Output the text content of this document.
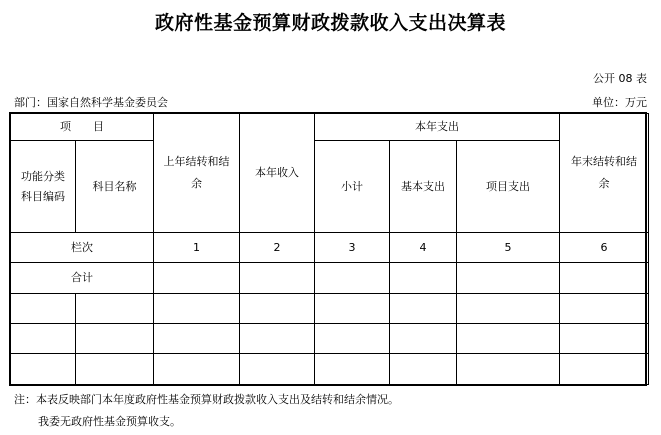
政府性基金预算财政拨款收入支出决算表
公开 08 表
部门：国家自然科学基金委员会	单位：万元
项　　目		上年结转和结余	本年收入	本年支出			年末结转和结余

功能分类科目编码	科目名称			小计	基本支出	项目支出	

栏次		1	2	3	4	5	6
合计							

注：本表反映部门本年度政府性基金预算财政拨款收入支出及结转和结余情况。
我委无政府性基金预算收支。
